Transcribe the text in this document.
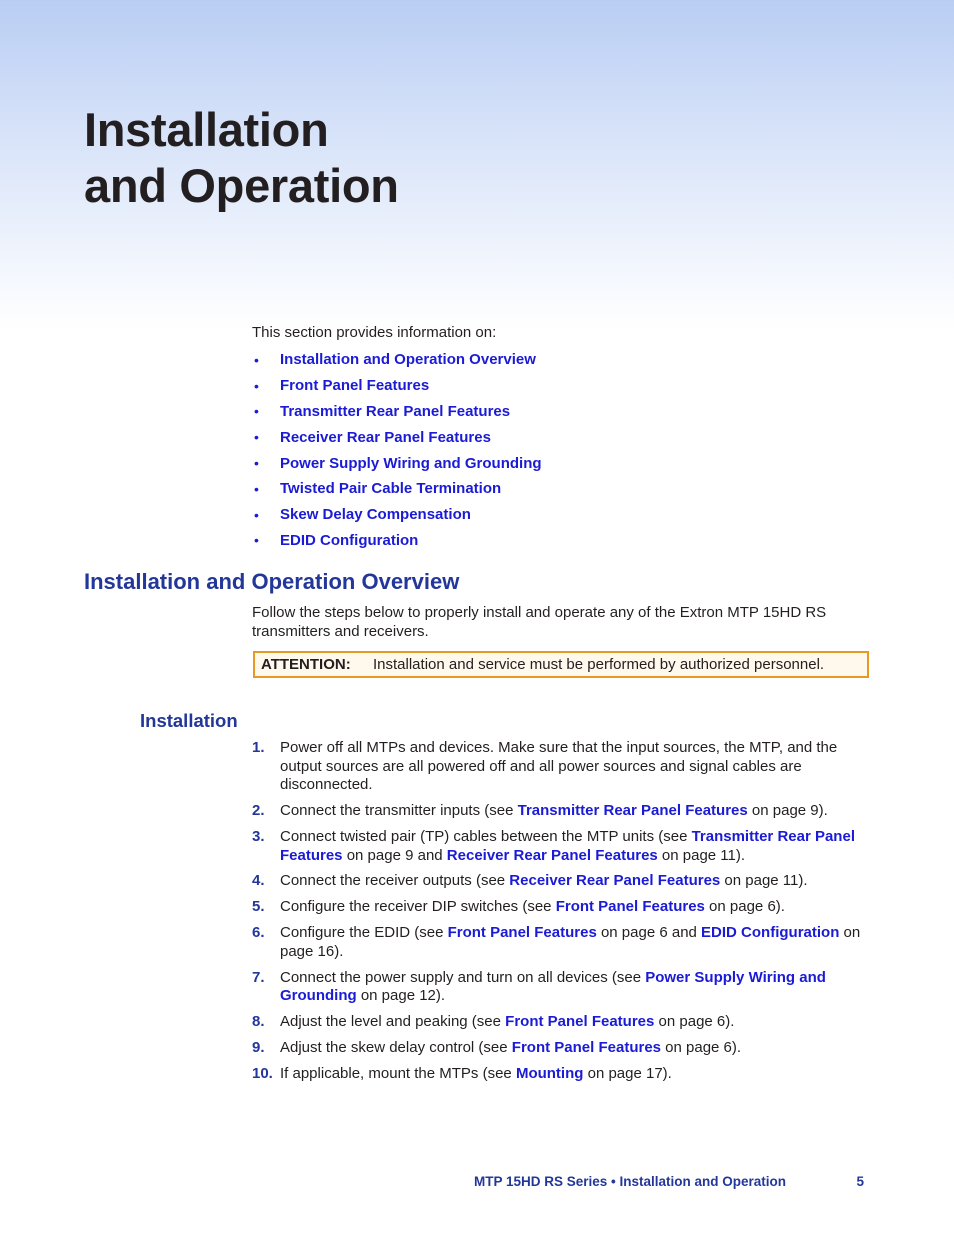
Installation
and Operation
This section provides information on:
•	Installation and Operation Overview
•	Front Panel Features
•	Transmitter Rear Panel Features
•	Receiver Rear Panel Features
•	Power Supply Wiring and Grounding
•	Twisted Pair Cable Termination
•	Skew Delay Compensation
•	EDID Configuration
Installation and Operation Overview
Follow the steps below to properly install and operate any of the Extron MTP 15HD RS transmitters and receivers.
ATTENTION:	Installation and service must be performed by authorized personnel.
Installation
1.	Power off all MTPs and devices. Make sure that the input sources, the MTP, and the output sources are all powered off and all power sources and signal cables are disconnected.
2.	Connect the transmitter inputs (see Transmitter Rear Panel Features on page 9).
3.	Connect twisted pair (TP) cables between the MTP units (see Transmitter Rear Panel Features on page 9 and Receiver Rear Panel Features on page 11).
4.	Connect the receiver outputs (see Receiver Rear Panel Features on page 11).
5.	Configure the receiver DIP switches (see Front Panel Features on page 6).
6.	Configure the EDID (see Front Panel Features on page 6 and EDID Configuration on page 16).
7.	Connect the power supply and turn on all devices (see Power Supply Wiring and Grounding on page 12).
8.	Adjust the level and peaking (see Front Panel Features on page 6).
9.	Adjust the skew delay control (see Front Panel Features on page 6).
10. If applicable, mount the MTPs (see Mounting on page 17).
MTP 15HD RS Series • Installation and Operation	5
